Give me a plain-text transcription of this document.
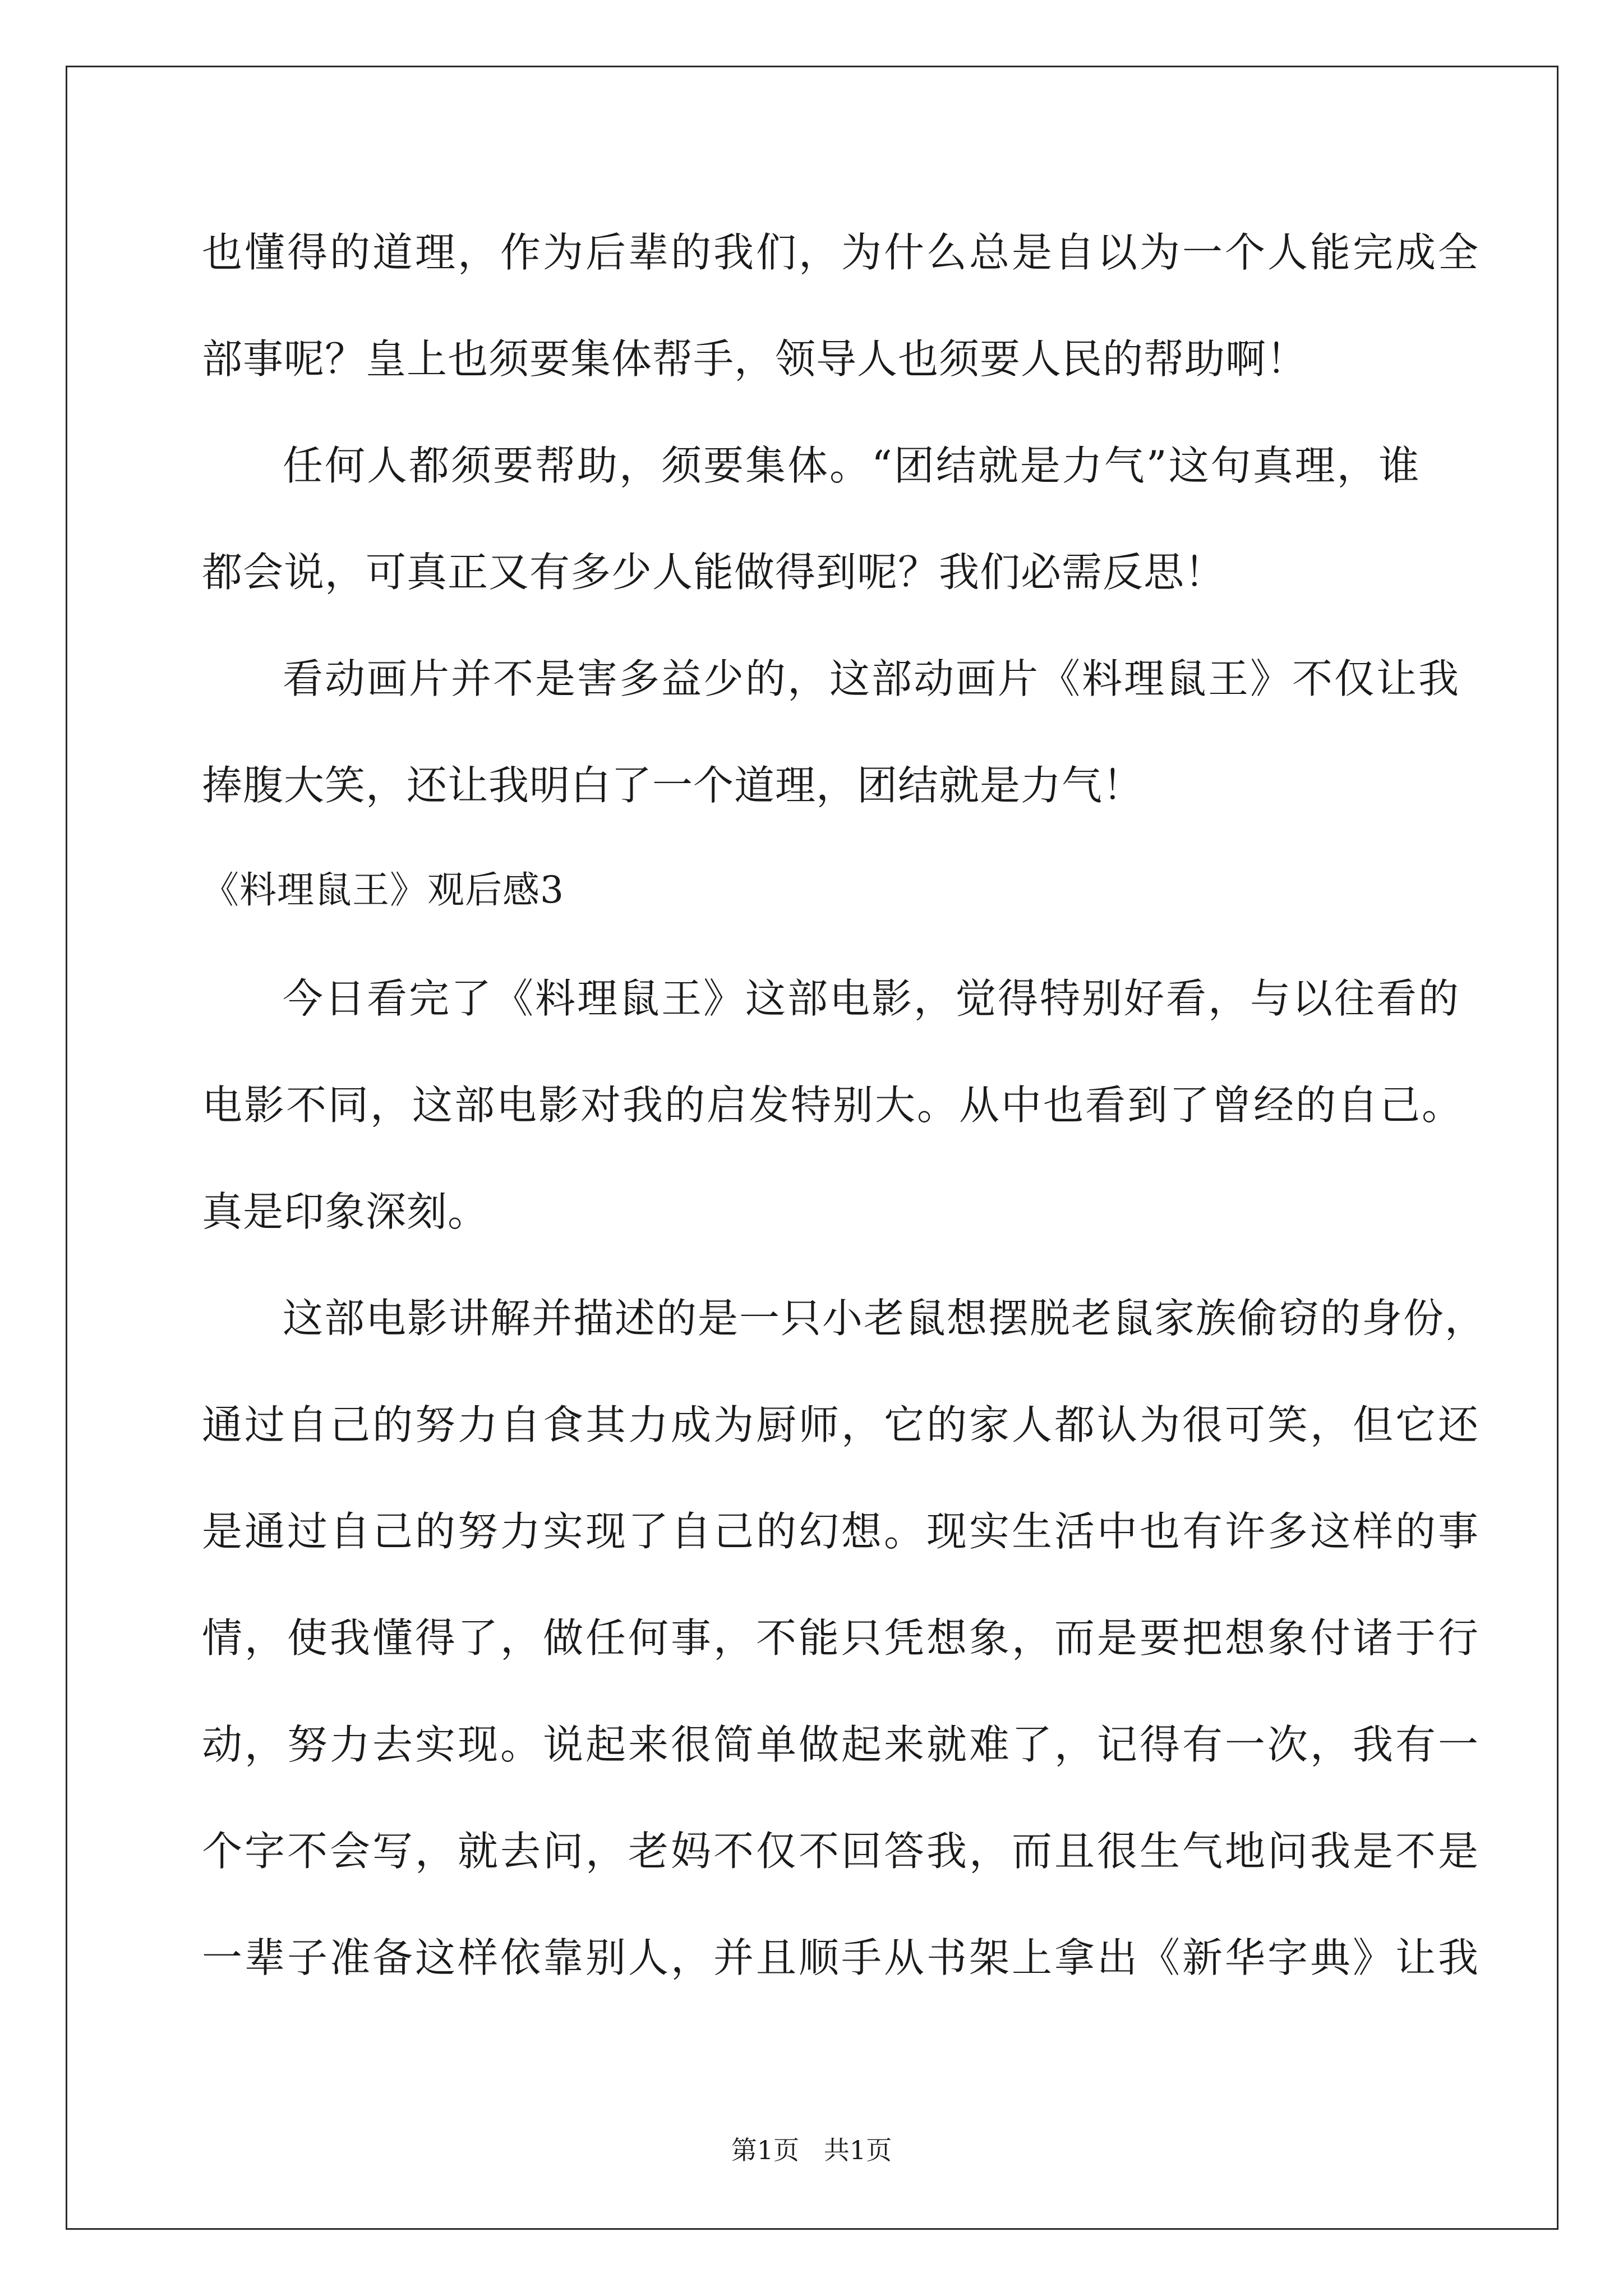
也懂得的道理，作为后辈的我们，为什么总是自以为一个人能完成全
部事呢？皇上也须要集体帮手，领导人也须要人民的帮助啊！
任何人都须要帮助，须要集体。“团结就是力气”这句真理，谁
都会说，可真正又有多少人能做得到呢？我们必需反思！
看动画片并不是害多益少的，这部动画片《料理鼠王》不仅让我
捧腹大笑，还让我明白了一个道理，团结就是力气！
《料理鼠王》观后感3
今日看完了《料理鼠王》这部电影，觉得特别好看，与以往看的
电影不同，这部电影对我的启发特别大。从中也看到了曾经的自己。
真是印象深刻。
这部电影讲解并描述的是一只小老鼠想摆脱老鼠家族偷窃的身份，
通过自己的努力自食其力成为厨师，它的家人都认为很可笑，但它还
是通过自己的努力实现了自己的幻想。现实生活中也有许多这样的事
情，使我懂得了，做任何事，不能只凭想象，而是要把想象付诸于行
动，努力去实现。说起来很简单做起来就难了，记得有一次，我有一
个字不会写，就去问，老妈不仅不回答我，而且很生气地问我是不是
一辈子准备这样依靠别人，并且顺手从书架上拿出《新华字典》让我
第1页   共1页
